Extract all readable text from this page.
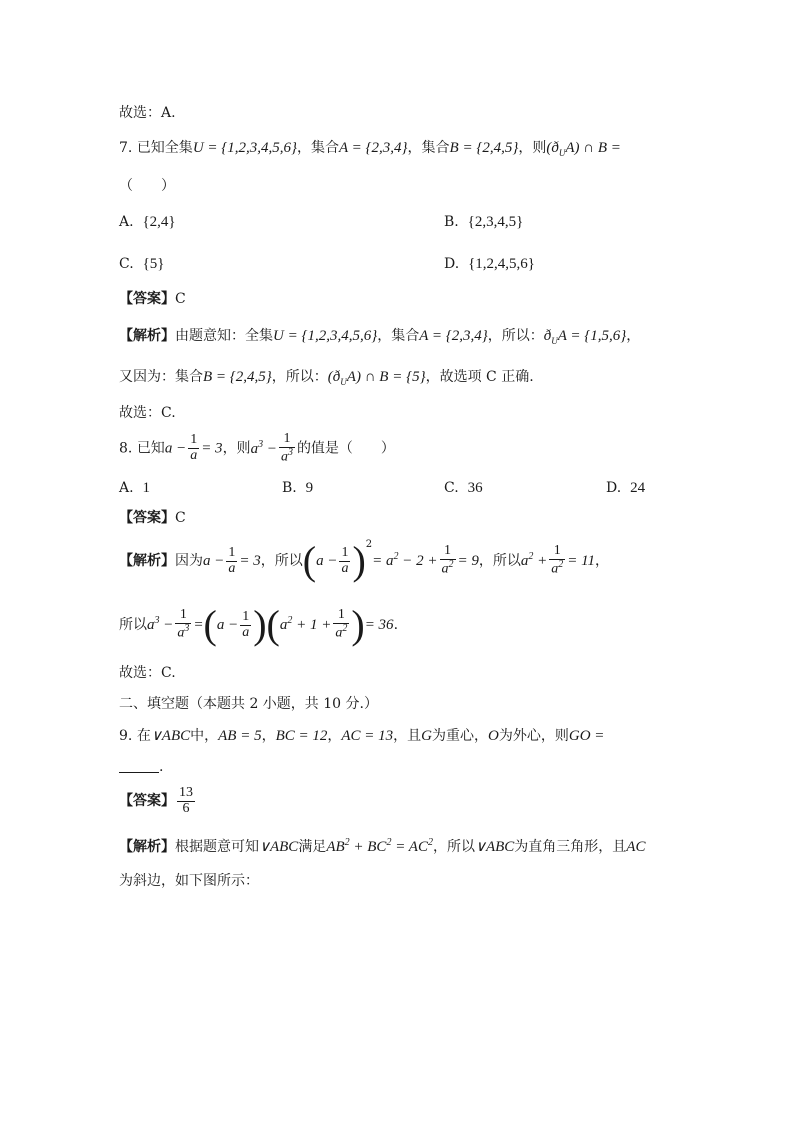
故选：A.
7. 已知全集U = {1,2,3,4,5,6}，集合A = {2,3,4}，集合B = {2,4,5}，则$(ð_UA)$ ∩ B =
（　　）
A. {2,4}	B. {2,3,4,5}
C. {5}	D. {1,2,4,5,6}
【答案】C
【解析】由题意知：全集U = {1,2,3,4,5,6}，集合A = {2,3,4}，所以：$ð_UA = \{1,5,6\}$，
又因为：集合B = {2,4,5}，所以：$(ð_UA)$ ∩ B = {5}，故选项 C 正确.
故选：C.
8. 已知$a - \frac{1}{a} = 3$，则$a^3 - \frac{1}{a^3}$ 的值是（　　）
A. 1	B. 9	C. 36	D. 24
【答案】C
【解析】因为$a - \frac{1}{a} = 3$，所以$(a - \frac{1}{a} )^2= a^2 - 2 + \frac{1}{a^2} = 9$，所以$a^2 + \frac{1}{a^2} = 11$，
所以$a^3 - \frac{1}{a^3} =(a - \frac{1}{a} )(a^2 + 1 + \frac{1}{a^2}$ )= 36.
故选：C.
二、填空题（本题共 2 小题，共 10 分.）
9. 在∨ABC中，AB = 5，BC = 12，AC = 13，且G为重心，O为外心，则GO =
.
【答案】 $\frac{13}{6}$
【解析】根据题意可知∨ABC满足$AB^2 + BC^2 = AC^2$，所以∨ABC为直角三角形，且AC
为斜边，如下图所示：
